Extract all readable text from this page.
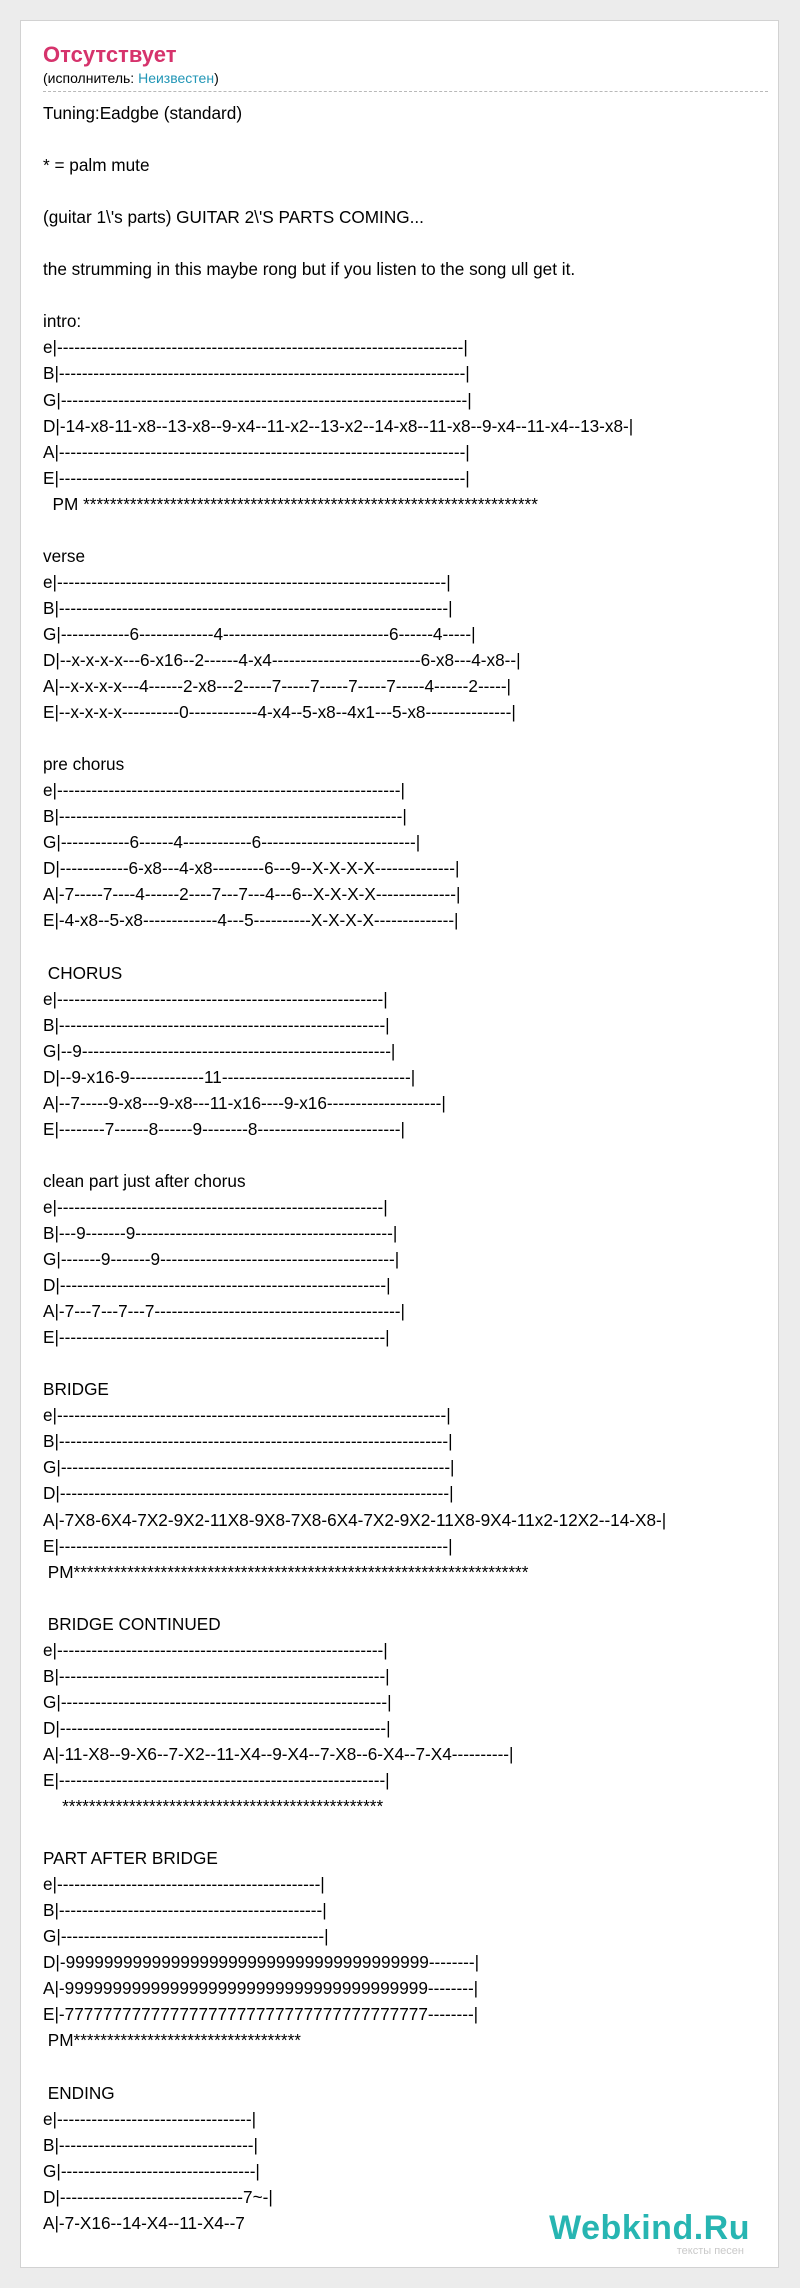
Отсутствует

(исполнитель: Неизвестен)

Tuning:Eadgbe (standard)

* = palm mute

(guitar 1\'s parts) GUITAR 2\'S PARTS COMING...

the strumming in this maybe rong but if you listen to the song ull get it.

intro:
e|-----------------------------------------------------------------------|
B|-----------------------------------------------------------------------|
G|-----------------------------------------------------------------------|
D|-14-x8-11-x8--13-x8--9-x4--11-x2--13-x2--14-x8--11-x8--9-x4--11-x4--13-x8-|
A|-----------------------------------------------------------------------|
E|-----------------------------------------------------------------------|
PM ********************************************************************

verse
e|--------------------------------------------------------------------|
B|--------------------------------------------------------------------|
G|------------6-------------4-----------------------------6------4-----|
D|--x-x-x-x---6-x16--2------4-x4--------------------------6-x8---4-x8--|
A|--x-x-x-x---4------2-x8---2-----7-----7-----7-----7-----4------2-----|
E|--x-x-x-x----------0------------4-x4--5-x8--4x1---5-x8---------------|

pre chorus
e|------------------------------------------------------------|
B|------------------------------------------------------------|
G|------------6------4------------6---------------------------|
D|------------6-x8---4-x8---------6---9--X-X-X-X--------------|
A|-7-----7----4------2----7---7---4---6--X-X-X-X--------------|
E|-4-x8--5-x8-------------4---5----------X-X-X-X--------------|

CHORUS
e|---------------------------------------------------------|
B|---------------------------------------------------------|
G|--9------------------------------------------------------|
D|--9-x16-9-------------11---------------------------------|
A|--7-----9-x8---9-x8---11-x16----9-x16--------------------|
E|--------7------8------9--------8-------------------------|

clean part just after chorus
e|---------------------------------------------------------|
B|---9-------9---------------------------------------------|
G|-------9-------9-----------------------------------------|
D|---------------------------------------------------------|
A|-7---7---7---7-------------------------------------------|
E|---------------------------------------------------------|

BRIDGE
e|--------------------------------------------------------------------|
B|--------------------------------------------------------------------|
G|--------------------------------------------------------------------|
D|--------------------------------------------------------------------|
A|-7X8-6X4-7X2-9X2-11X8-9X8-7X8-6X4-7X2-9X2-11X8-9X4-11x2-12X2--14-X8-|
E|--------------------------------------------------------------------|
PM********************************************************************

BRIDGE CONTINUED
e|---------------------------------------------------------|
B|---------------------------------------------------------|
G|---------------------------------------------------------|
D|---------------------------------------------------------|
A|-11-X8--9-X6--7-X2--11-X4--9-X4--7-X8--6-X4--7-X4----------|
E|---------------------------------------------------------|
************************************************

PART AFTER BRIDGE
e|----------------------------------------------|
B|----------------------------------------------|
G|----------------------------------------------|
D|-99999999999999999999999999999999999999--------|
A|-99999999999999999999999999999999999999--------|
E|-77777777777777777777777777777777777777--------|
PM**********************************

ENDING
e|----------------------------------|
B|----------------------------------|
G|----------------------------------|
D|--------------------------------7~-|
A|-7-X16--14-X4--11-X4--7	Webkind.Ru
тексты песен
